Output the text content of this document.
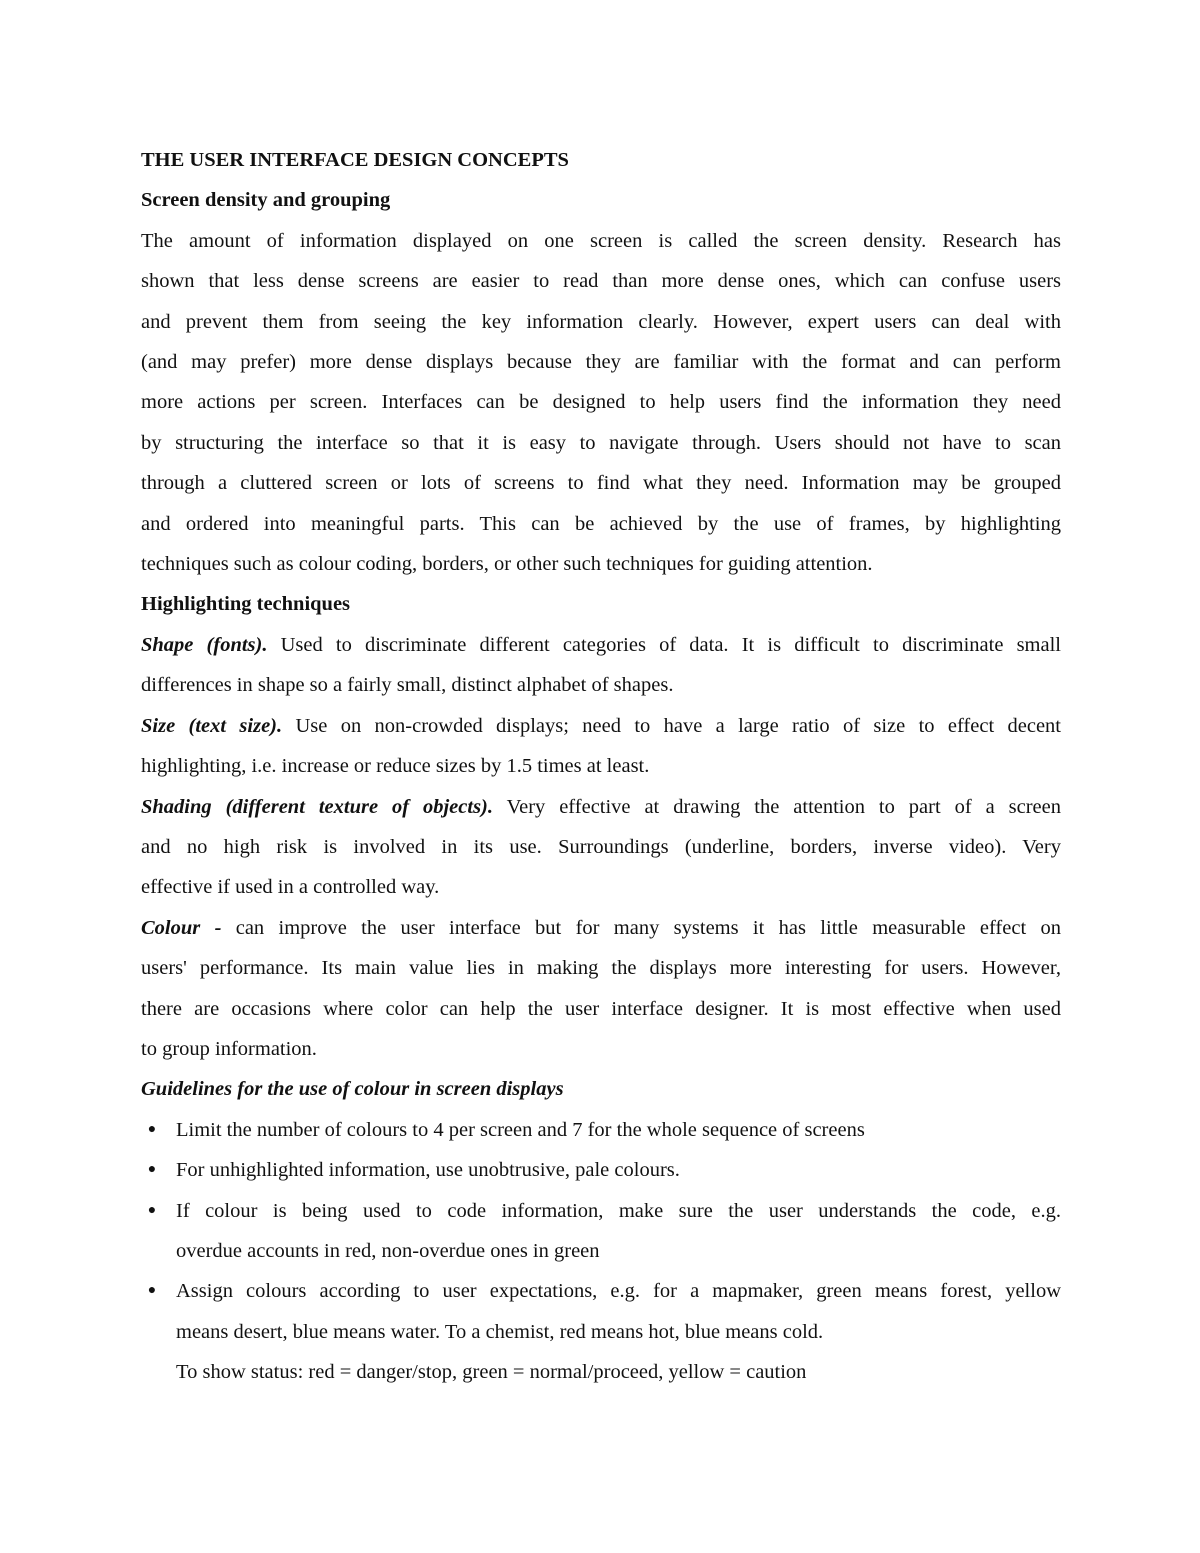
THE USER INTERFACE DESIGN CONCEPTS
Screen density and grouping
The amount of information displayed on one screen is called the screen density. Research has
shown that less dense screens are easier to read than more dense ones, which can confuse users
and prevent them from seeing the key information clearly. However, expert users can deal with
(and may prefer) more dense displays because they are familiar with the format and can perform
more actions per screen. Interfaces can be designed to help users find the information they need
by structuring the interface so that it is easy to navigate through. Users should not have to scan
through a cluttered screen or lots of screens to find what they need. Information may be grouped
and ordered into meaningful parts. This can be achieved by the use of frames, by highlighting
techniques such as colour coding, borders, or other such techniques for guiding attention.
Highlighting techniques
Shape (fonts). Used to discriminate different categories of data. It is difficult to discriminate small
differences in shape so a fairly small, distinct alphabet of shapes.
Size (text size). Use on non-crowded displays; need to have a large ratio of size to effect decent
highlighting, i.e. increase or reduce sizes by 1.5 times at least.
Shading (different texture of objects). Very effective at drawing the attention to part of a screen
and no high risk is involved in its use. Surroundings (underline, borders, inverse video). Very
effective if used in a controlled way.
Colour - can improve the user interface but for many systems it has little measurable effect on
users' performance. Its main value lies in making the displays more interesting for users. However,
there are occasions where color can help the user interface designer. It is most effective when used
to group information.
Guidelines for the use of colour in screen displays
● Limit the number of colours to 4 per screen and 7 for the whole sequence of screens
● For unhighlighted information, use unobtrusive, pale colours.
● If colour is being used to code information, make sure the user understands the code, e.g.
overdue accounts in red, non-overdue ones in green
● Assign colours according to user expectations, e.g. for a mapmaker, green means forest, yellow
means desert, blue means water. To a chemist, red means hot, blue means cold.
To show status: red = danger/stop, green = normal/proceed, yellow = caution
